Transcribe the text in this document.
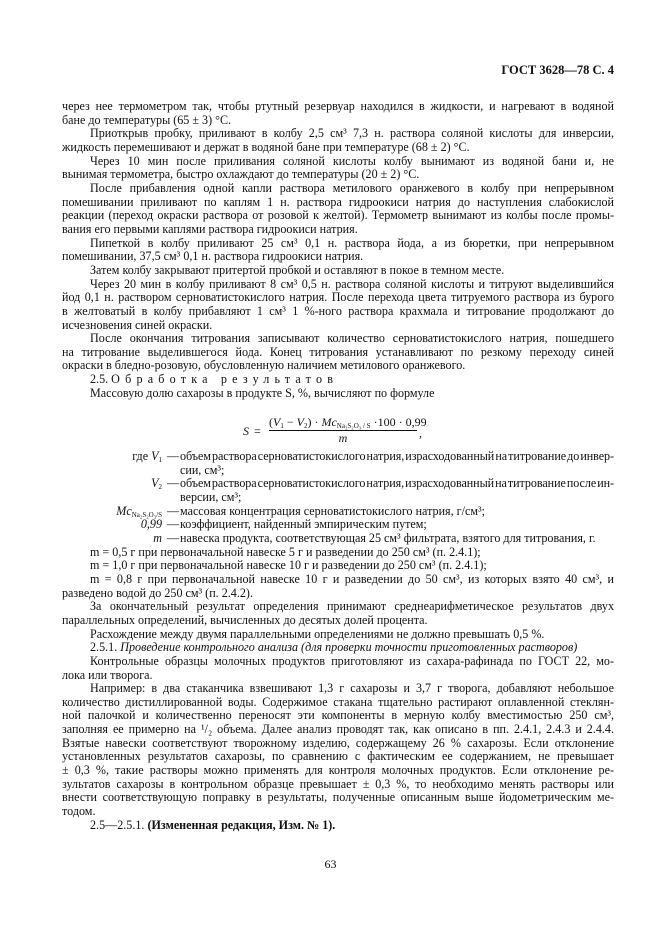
ГОСТ 3628—78 С. 4
через нее термометром так, чтобы ртутный резервуар находился в жидкости, и нагревают в водяной
бане до температуры (65 ± 3) °С.
Приоткрыв пробку, приливают в колбу 2,5 см³ 7,3 н. раствора соляной кислоты для инверсии,
жидкость перемешивают и держат в водяной бане при температуре (68 ± 2) °С.
Через 10 мин после приливания соляной кислоты колбу вынимают из водяной бани и, не
вынимая термометра, быстро охлаждают до температуры (20 ± 2) °С.
После прибавления одной капли раствора метилового оранжевого в колбу при непрерывном
помешивании приливают по каплям 1 н. раствора гидроокиси натрия до наступления слабокислой
реакции (переход окраски раствора от розовой к желтой). Термометр вынимают из колбы после промы-
вания его первыми каплями раствора гидроокиси натрия.
Пипеткой в колбу приливают 25 см³ 0,1 н. раствора йода, а из бюретки, при непрерывном
помешивании, 37,5 см³ 0,1 н. раствора гидроокиси натрия.
Затем колбу закрывают притертой пробкой и оставляют в покое в темном месте.
Через 20 мин в колбу приливают 8 см³ 0,5 н. раствора соляной кислоты и титруют выделившийся
йод 0,1 н. раствором серноватистокислого натрия. После перехода цвета титруемого раствора из бурого
в желтоватый в колбу прибавляют 1 см³ 1 %-ного раствора крахмала и титрование продолжают до
исчезновения синей окраски.
После окончания титрования записывают количество серноватистокислого натрия, пошедшего
на титрование выделившегося йода. Конец титрования устанавливают по резкому переходу синей
окраски в бледно-розовую, обусловленную наличием метилового оранжевого.
2.5. Обработка результатов
Массовую долю сахарозы в продукте S, %, вычисляют по формуле
S =
$(V_1 - V_2) \cdot Mc_{Na_2S_2O_3 / S} \cdot 100 \cdot 0,99$
m	,
где $V_1$ — объем раствора серноватистокислого натрия, израсходованный на титрование до инвер-
сии, см³;
$V_2$ — объем раствора серноватистокислого натрия, израсходованный на титрование после ин-
версии, см³;
$Mc_{Na_2S_2O_3/S}$ — массовая концентрация серноватистокислого натрия, г/см³;
0,99 — коэффициент, найденный эмпирическим путем;
m — навеска продукта, соответствующая 25 см³ фильтрата, взятого для титрования, г.
m = 0,5 г при первоначальной навеске 5 г и разведении до 250 см³ (п. 2.4.1);
m = 1,0 г при первоначальной навеске 10 г и разведении до 250 см³ (п. 2.4.1);
m = 0,8 г при первоначальной навеске 10 г и разведении до 50 см³, из которых взято 40 см³, и
разведено водой до 250 см³ (п. 2.4.2).
За окончательный результат определения принимают среднеарифметическое результатов двух
параллельных определений, вычисленных до десятых долей процента.
Расхождение между двумя параллельными определениями не должно превышать 0,5 %.
2.5.1. Проведение контрольного анализа (для проверки точности приготовленных растворов)
Контрольные образцы молочных продуктов приготовляют из сахара-рафинада по ГОСТ 22, мо-
лока или творога.
Например: в два стаканчика взвешивают 1,3 г сахарозы и 3,7 г творога, добавляют небольшое
количество дистиллированной воды. Содержимое стакана тщательно растирают оплавленной стеклян-
ной палочкой и количественно переносят эти компоненты в мерную колбу вместимостью 250 см³,
заполняя ее примерно на ¹/₂ объема. Далее анализ проводят так, как описано в пп. 2.4.1, 2.4.3 и 2.4.4.
Взятые навески соответствуют творожному изделию, содержащему 26 % сахарозы. Если отклонение
установленных результатов сахарозы, по сравнению с фактическим ее содержанием, не превышает
± 0,3 %, такие растворы можно применять для контроля молочных продуктов. Если отклонение ре-
зультатов сахарозы в контрольном образце превышает ± 0,3 %, то необходимо менять растворы или
внести соответствующую поправку в результаты, полученные описанным выше йодометрическим ме-
тодом.
2.5—2.5.1. (Измененная редакция, Изм. № 1).
63
